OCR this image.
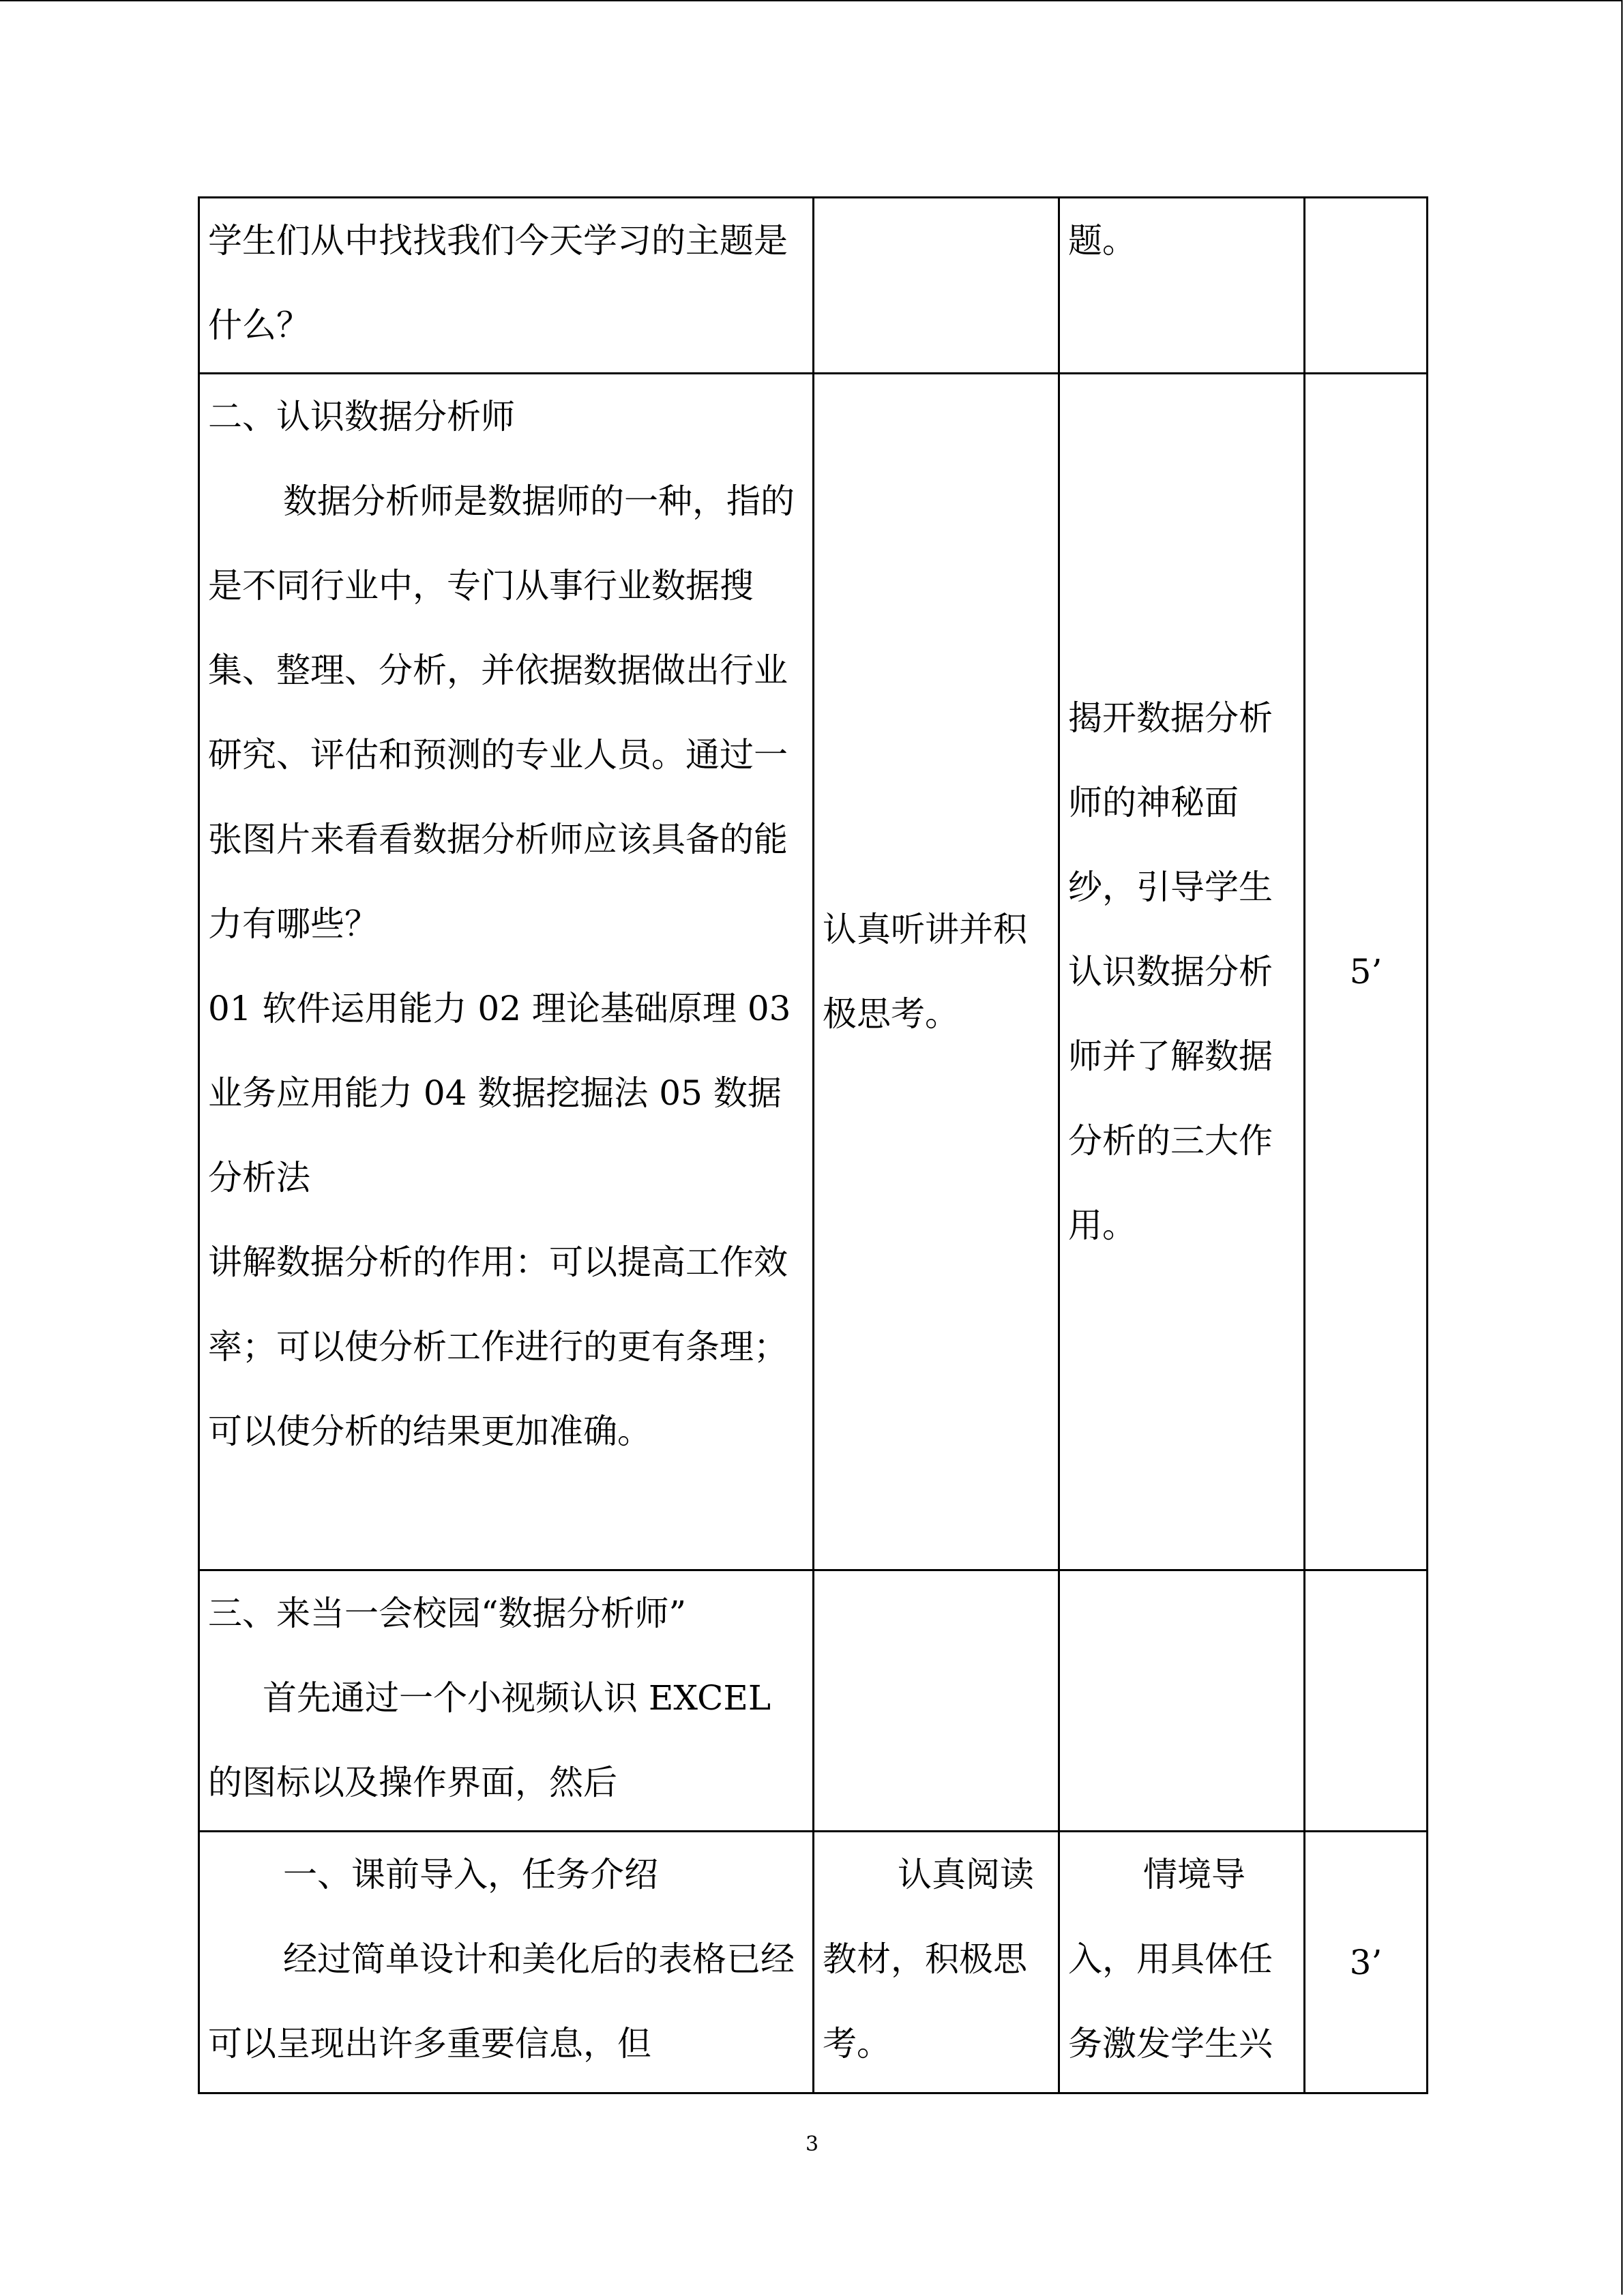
学生们从中找找我们今天学习的主题是什么？		题。	

二、认识数据分析师
数据分析师是数据师的一种，指的是不同行业中，专门从事行业数据搜集、整理、分析，并依据数据做出行业研究、评估和预测的专业人员。通过一张图片来看看数据分析师应该具备的能力有哪些？
01 软件运用能力 02 理论基础原理 03 业务应用能力 04 数据挖掘法 05 数据分析法
讲解数据分析的作用：可以提高工作效率；可以使分析工作进行的更有条理；可以使分析的结果更加准确。	认真听讲并积极思考。	揭开数据分析师的神秘面纱，引导学生认识数据分析师并了解数据分析的三大作用。	5’

三、来当一会校园“数据分析师”
首先通过一个小视频认识 EXCEL 的图标以及操作界面，然后			

一、课前导入，任务介绍
经过简单设计和美化后的表格已经可以呈现出许多重要信息，但	认真阅读教材，积极思考。	情境导入，用具体任务激发学生兴	3’
3
